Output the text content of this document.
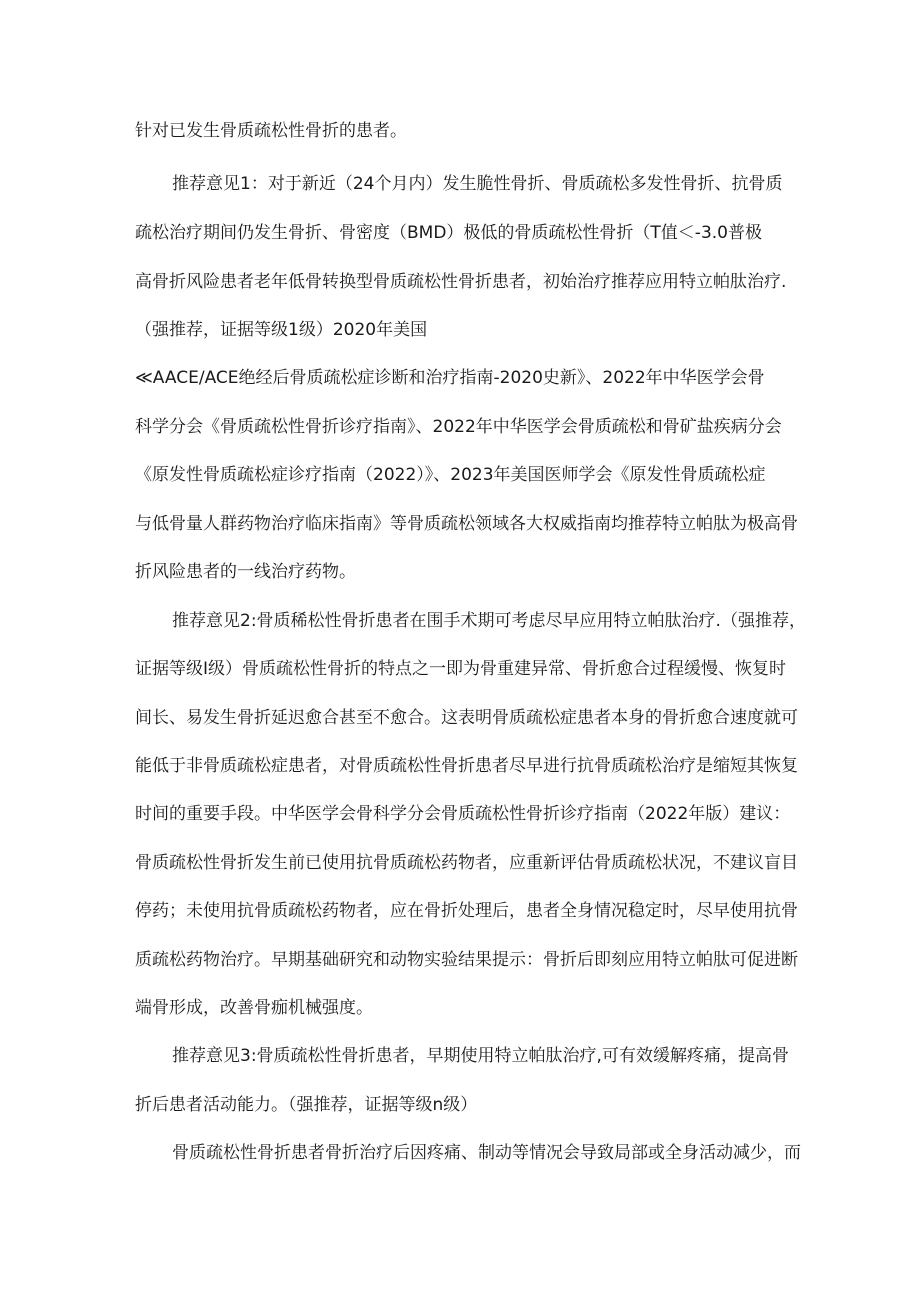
针对已发生骨质疏松性骨折的患者。
推荐意见1：对于新近（24个月内）发生脆性骨折、骨质疏松多发性骨折、抗骨质
疏松治疗期间仍发生骨折、骨密度（BMD）极低的骨质疏松性骨折（T值＜-3.0普极
高骨折风险患者老年低骨转换型骨质疏松性骨折患者，初始治疗推荐应用特立帕肽治疗.
（强推荐，证据等级1级）2020年美国
≪AACE∕ACE绝经后骨质疏松症诊断和治疗指南-2020史新》、2022年中华医学会骨
科学分会《骨质疏松性骨折诊疗指南》、2022年中华医学会骨质疏松和骨矿盐疾病分会
《原发性骨质疏松症诊疗指南（2022）》、2023年美国医师学会《原发性骨质疏松症
与低骨量人群药物治疗临床指南》等骨质疏松领域各大权威指南均推荐特立帕肽为极高骨
折风险患者的一线治疗药物。
推荐意见2:骨质稀松性骨折患者在围手术期可考虑尽早应用特立帕肽治疗.（强推荐，
证据等级I级）骨质疏松性骨折的特点之一即为骨重建异常、骨折愈合过程缓慢、恢复时
间长、易发生骨折延迟愈合甚至不愈合。这表明骨质疏松症患者本身的骨折愈合速度就可
能低于非骨质疏松症患者，对骨质疏松性骨折患者尽早进行抗骨质疏松治疗是缩短其恢复
时间的重要手段。中华医学会骨科学分会骨质疏松性骨折诊疗指南（2022年版）建议：
骨质疏松性骨折发生前已使用抗骨质疏松药物者，应重新评估骨质疏松状况，不建议盲目
停药；未使用抗骨质疏松药物者，应在骨折处理后，患者全身情况稳定时，尽早使用抗骨
质疏松药物治疗。早期基础研究和动物实验结果提示：骨折后即刻应用特立帕肽可促进断
端骨形成，改善骨痂机械强度。
推荐意见3:骨质疏松性骨折患者，早期使用特立帕肽治疗,可有效缓解疼痛，提高骨
折后患者活动能力。（强推荐，证据等级n级）
骨质疏松性骨折患者骨折治疗后因疼痛、制动等情况会导致局部或全身活动减少，而
